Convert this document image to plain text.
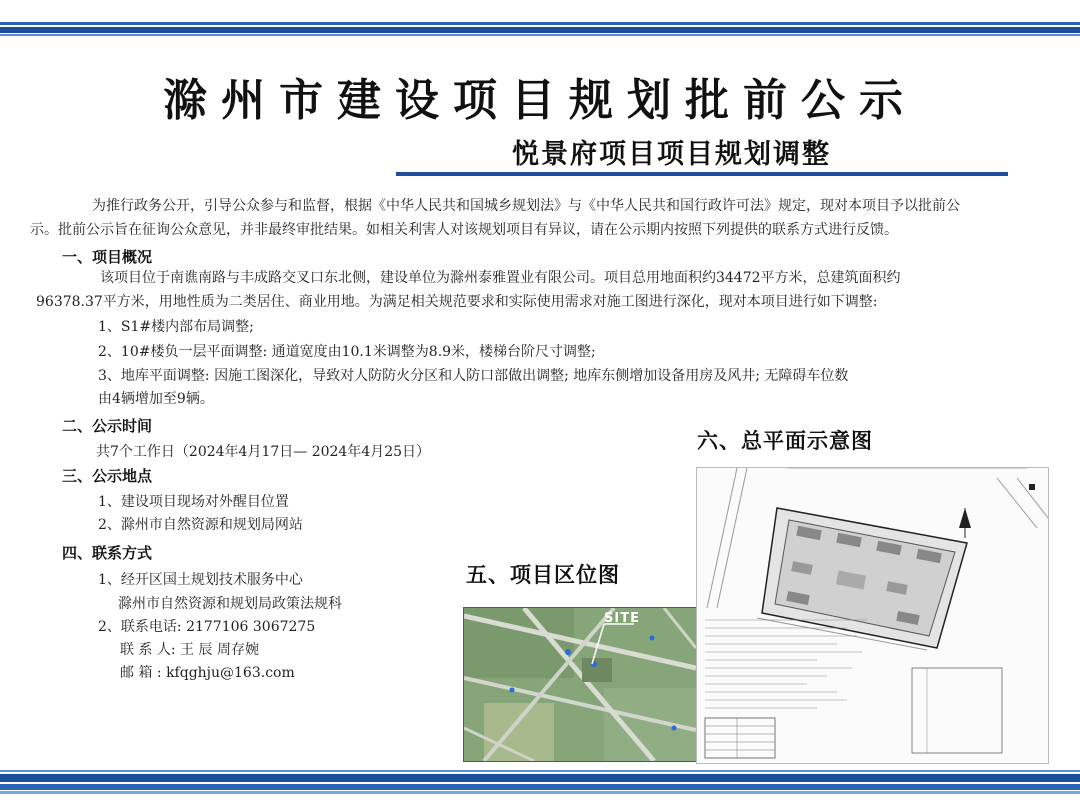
滁州市建设项目规划批前公示
悦景府项目项目规划调整
为推行政务公开，引导公众参与和监督，根据《中华人民共和国城乡规划法》与《中华人民共和国行政许可法》规定，现对本项目予以批前公
示。批前公示旨在征询公众意见，并非最终审批结果。如相关利害人对该规划项目有异议，请在公示期内按照下列提供的联系方式进行反馈。
一、项目概况
该项目位于南谯南路与丰成路交叉口东北侧，建设单位为滁州泰雅置业有限公司。项目总用地面积约34472平方米，总建筑面积约
96378.37平方米，用地性质为二类居住、商业用地。为满足相关规范要求和实际使用需求对施工图进行深化，现对本项目进行如下调整:
1、S1#楼内部布局调整;
2、10#楼负一层平面调整: 通道宽度由10.1米调整为8.9米，楼梯台阶尺寸调整;
3、地库平面调整: 因施工图深化，导致对人防防火分区和人防口部做出调整; 地库东侧增加设备用房及风井; 无障碍车位数
由4辆增加至9辆。
二、公示时间
共7个工作日（2024年4月17日— 2024年4月25日）
三、公示地点
1、建设项目现场对外醒目位置
2、滁州市自然资源和规划局网站
四、联系方式
1、经开区国土规划技术服务中心
滁州市自然资源和规划局政策法规科
2、联系电话: 2177106 3067275
联 系 人: 王 辰 周存婉
邮 箱 : kfqghju@163.com
五、项目区位图
六、总平面示意图
SITE
